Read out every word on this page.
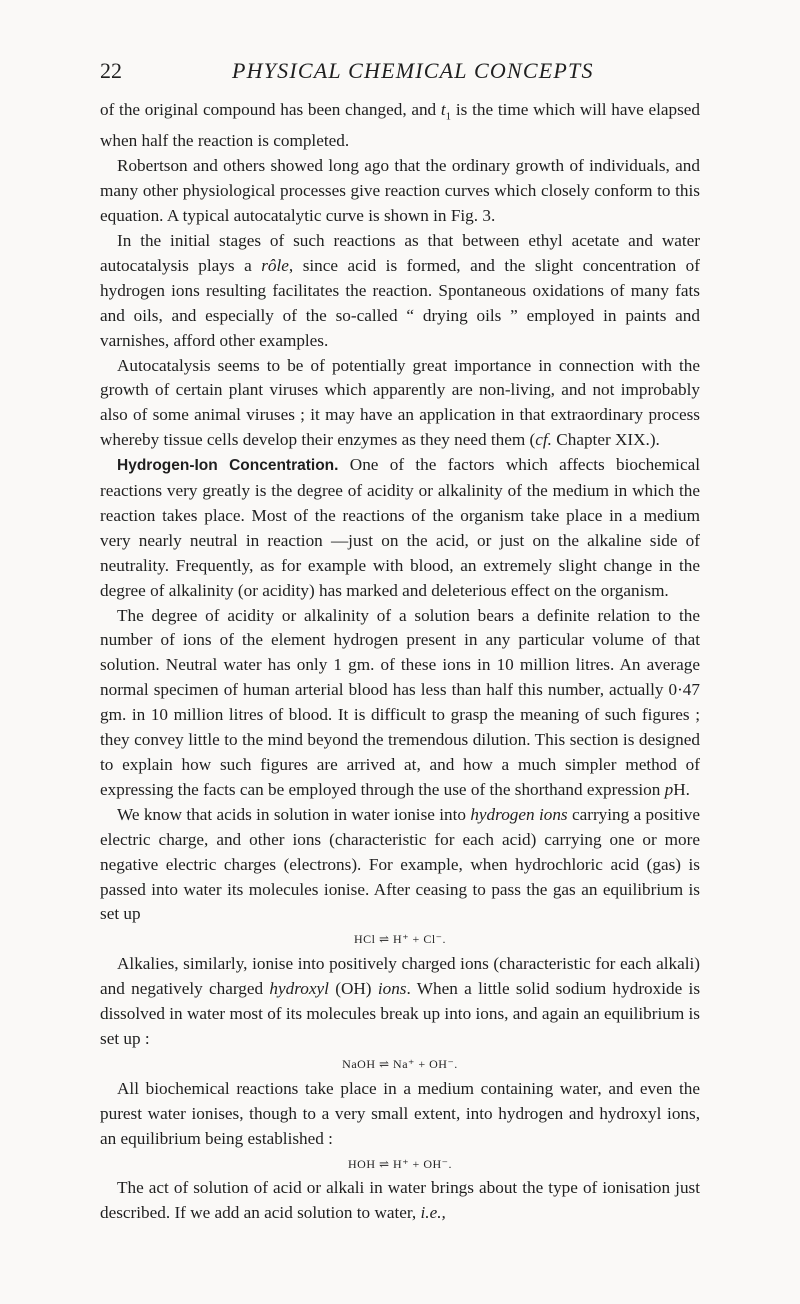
22	PHYSICAL CHEMICAL CONCEPTS

of the original compound has been changed, and $t_1$ is the time which will have elapsed when half the reaction is completed.

Robertson and others showed long ago that the ordinary growth of individuals, and many other physiological processes give reaction curves which closely conform to this equation. A typical autocatalytic curve is shown in Fig. 3.

In the initial stages of such reactions as that between ethyl acetate and water autocatalysis plays a rôle, since acid is formed, and the slight concentration of hydrogen ions resulting facilitates the reaction. Spontaneous oxidations of many fats and oils, and especially of the so-called “ drying oils ” employed in paints and varnishes, afford other examples.

Autocatalysis seems to be of potentially great importance in connection with the growth of certain plant viruses which apparently are non-living, and not improbably also of some animal viruses ; it may have an application in that extraordinary process whereby tissue cells develop their enzymes as they need them (cf. Chapter XIX.).

Hydrogen-Ion Concentration. One of the factors which affects biochemical reactions very greatly is the degree of acidity or alkalinity of the medium in which the reaction takes place. Most of the reactions of the organism take place in a medium very nearly neutral in reaction —just on the acid, or just on the alkaline side of neutrality. Frequently, as for example with blood, an extremely slight change in the degree of alkalinity (or acidity) has marked and deleterious effect on the organism.

The degree of acidity or alkalinity of a solution bears a definite relation to the number of ions of the element hydrogen present in any particular volume of that solution. Neutral water has only 1 gm. of these ions in 10 million litres. An average normal specimen of human arterial blood has less than half this number, actually 0·47 gm. in 10 million litres of blood. It is difficult to grasp the meaning of such figures ; they convey little to the mind beyond the tremendous dilution. This section is designed to explain how such figures are arrived at, and how a much simpler method of expressing the facts can be employed through the use of the shorthand expression pH.

We know that acids in solution in water ionise into hydrogen ions carrying a positive electric charge, and other ions (characteristic for each acid) carrying one or more negative electric charges (electrons). For example, when hydrochloric acid (gas) is passed into water its molecules ionise. After ceasing to pass the gas an equilibrium is set up

HCl ⇌ H⁺ + Cl⁻.

Alkalies, similarly, ionise into positively charged ions (characteristic for each alkali) and negatively charged hydroxyl (OH) ions. When a little solid sodium hydroxide is dissolved in water most of its molecules break up into ions, and again an equilibrium is set up :

NaOH ⇌ Na⁺ + OH⁻.

All biochemical reactions take place in a medium containing water, and even the purest water ionises, though to a very small extent, into hydrogen and hydroxyl ions, an equilibrium being established :

HOH ⇌ H⁺ + OH⁻.

The act of solution of acid or alkali in water brings about the type of ionisation just described. If we add an acid solution to water, i.e.,
